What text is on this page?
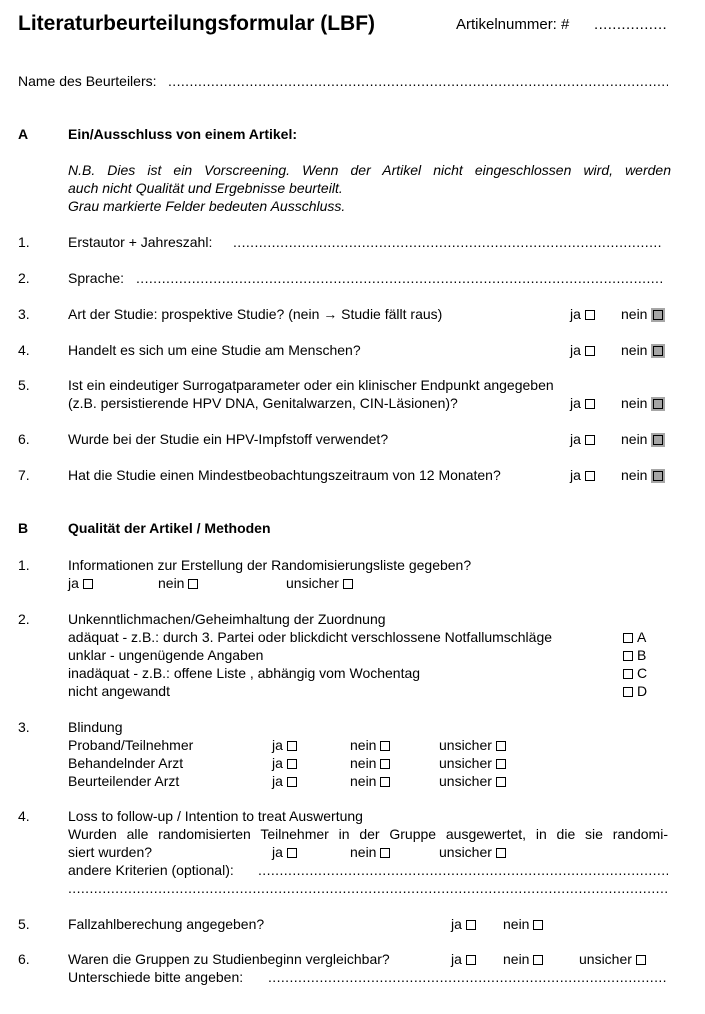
Literaturbeurteilungsformular (LBF)	Artikelnummer: #
.....
Name des Beurteilers:
.....
A	Ein/Ausschluss von einem Artikel:
N.B. Dies ist ein Vorscreening. Wenn der Artikel nicht eingeschlossen wird, werden
auch nicht Qualität und Ergebnisse beurteilt.
Grau markierte Felder bedeuten Ausschluss.
1.	Erstautor + Jahreszahl:
.....
2.	Sprache:
.....
3.	Art der Studie: prospektive Studie? (nein → Studie fällt raus)	ja	nein
4.	Handelt es sich um eine Studie am Menschen?	ja	nein
5.	Ist ein eindeutiger Surrogatparameter oder ein klinischer Endpunkt angegeben
(z.B. persistierende HPV DNA, Genitalwarzen, CIN-Läsionen)?	ja	nein
6.	Wurde bei der Studie ein HPV-Impfstoff verwendet?	ja	nein
7.	Hat die Studie einen Mindestbeobachtungszeitraum von 12 Monaten?	ja	nein
B	Qualität der Artikel / Methoden
1.	Informationen zur Erstellung der Randomisierungsliste gegeben?
ja	nein	unsicher
2.	Unkenntlichmachen/Geheimhaltung der Zuordnung
adäquat - z.B.: durch 3. Partei oder blickdicht verschlossene Notfallumschläge	A
unklar - ungenügende Angaben	B
inadäquat - z.B.: offene Liste , abhängig vom Wochentag	C
nicht angewandt	D
3.	Blindung
Proband/Teilnehmer	ja	nein	unsicher
Behandelnder Arzt	ja	nein	unsicher
Beurteilender Arzt	ja	nein	unsicher
4.	Loss to follow-up / Intention to treat Auswertung
Wurden alle randomisierten Teilnehmer in der Gruppe ausgewertet, in die sie randomi-
siert wurden?	ja	nein	unsicher
andere Kriterien (optional):
.....
.....
5.	Fallzahlberechung angegeben?	ja	nein
6.	Waren die Gruppen zu Studienbeginn vergleichbar?	ja	nein	unsicher
Unterschiede bitte angeben:
.....
